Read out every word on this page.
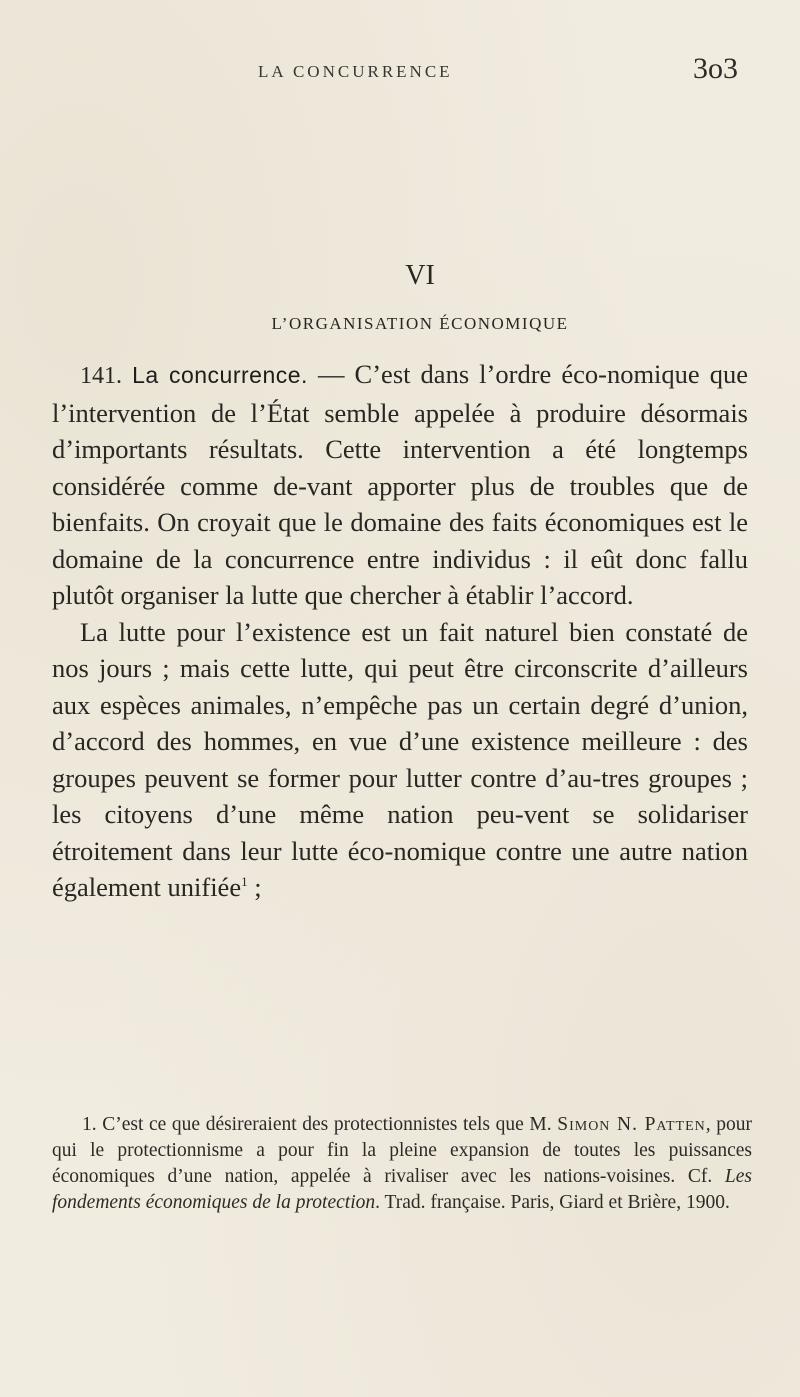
LA CONCURRENCE	3o3
VI
L’ORGANISATION ÉCONOMIQUE

141. La concurrence. — C’est dans l’ordre éco-nomique que l’intervention de l’État semble appelée à produire désormais d’importants résultats. Cette intervention a été longtemps considérée comme de-vant apporter plus de troubles que de bienfaits. On croyait que le domaine des faits économiques est le domaine de la concurrence entre individus : il eût donc fallu plutôt organiser la lutte que chercher à établir l’accord.

La lutte pour l’existence est un fait naturel bien constaté de nos jours ; mais cette lutte, qui peut être circonscrite d’ailleurs aux espèces animales, n’empêche pas un certain degré d’union, d’accord des hommes, en vue d’une existence meilleure : des groupes peuvent se former pour lutter contre d’au-tres groupes ; les citoyens d’une même nation peu-vent se solidariser étroitement dans leur lutte éco-nomique contre une autre nation également unifiée$^1$ ;

1. C’est ce que désireraient des protectionnistes tels que M. Simon N. Patten, pour qui le protectionnisme a pour fin la pleine expansion de toutes les puissances économiques d’une nation, appelée à rivaliser avec les nations-voisines. Cf. Les fondements économiques de la protection. Trad. française. Paris, Giard et Brière, 1900.
